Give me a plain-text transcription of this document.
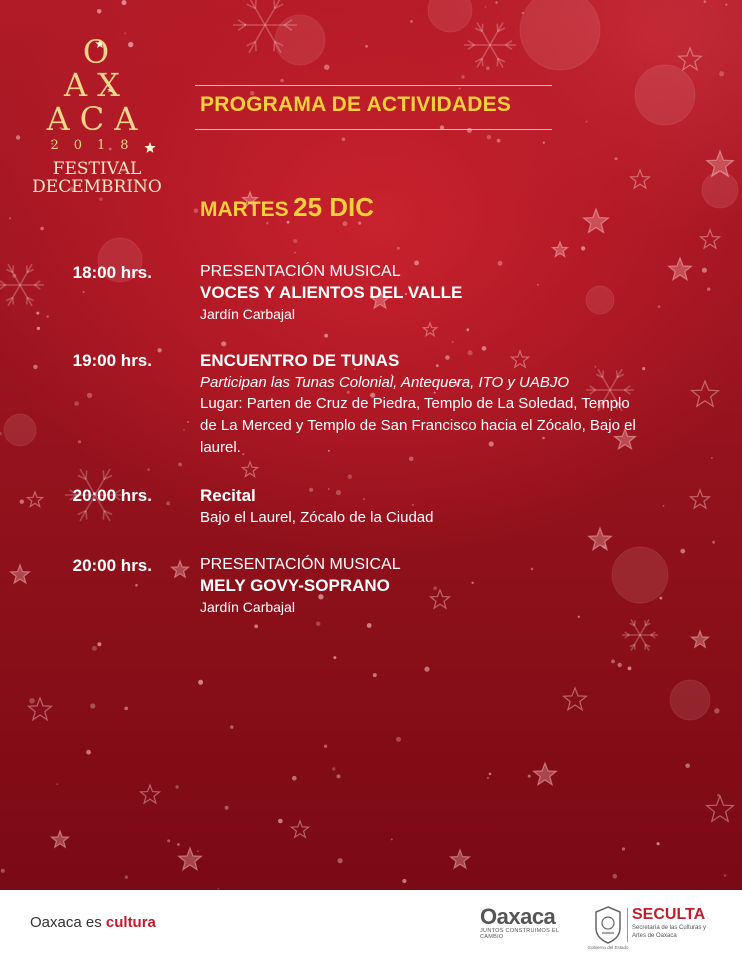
O
AX
ACA
2018
FESTIVAL
DECEMBRINO
PROGRAMA DE ACTIVIDADES
MARTES 25 DIC
18:00 hrs.	PRESENTACIÓN MUSICAL
VOCES Y ALIENTOS DEL VALLE
Jardín Carbajal
19:00 hrs.	ENCUENTRO DE TUNAS
Participan las Tunas Colonial, Antequera, ITO y UABJO
Lugar: Parten de Cruz de Piedra, Templo de La Soledad, Templo
de La Merced y Templo de San Francisco hacia el Zócalo, Bajo el
laurel.
20:00 hrs.	Recital
Bajo el Laurel, Zócalo de la Ciudad
20:00 hrs.	PRESENTACIÓN MUSICAL
MELY GOVY-SOPRANO
Jardín Carbajal
Oaxaca es cultura	Oaxaca
JUNTOS CONSTRUIMOS EL CAMBIO
Gobierno del Estado
SECULTA
Secretaría de las Culturas y
Artes de Oaxaca
